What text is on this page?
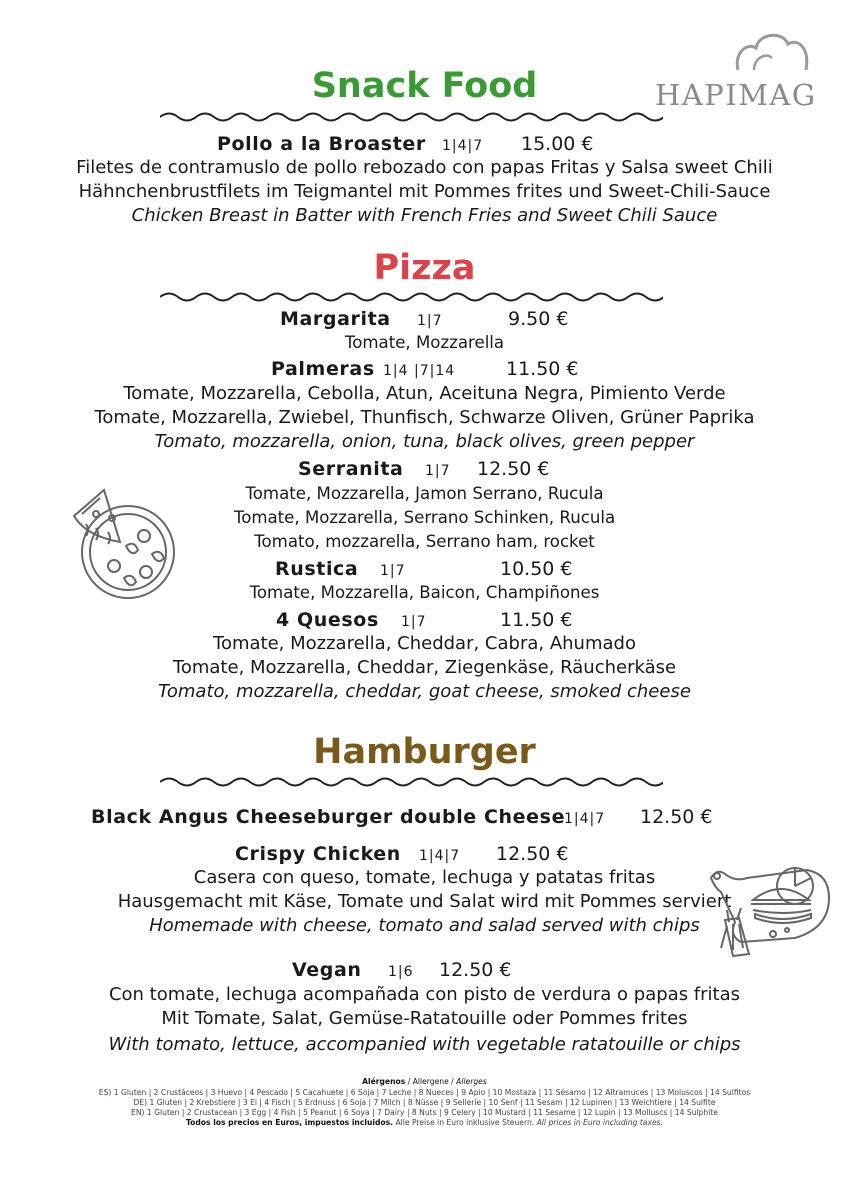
HAPIMAG
Snack Food
Pollo a la Broaster 1|4|7 15.00 €
Filetes de contramuslo de pollo rebozado con papas Fritas y Salsa sweet Chili
Hähnchenbrustfilets im Teigmantel mit Pommes frites und Sweet-Chili-Sauce
Chicken Breast in Batter with French Fries and Sweet Chili Sauce
Pizza
Margarita 1|7	9.50 €
Tomate, Mozzarella
Palmeras 1|4 |7|14	11.50 €
Tomate, Mozzarella, Cebolla, Atun, Aceituna Negra, Pimiento Verde
Tomate, Mozzarella, Zwiebel, Thunfisch, Schwarze Oliven, Grüner Paprika
Tomato, mozzarella, onion, tuna, black olives, green pepper
Serranita 1|7 12.50 €
Tomate, Mozzarella, Jamon Serrano, Rucula
Tomate, Mozzarella, Serrano Schinken, Rucula
Tomato, mozzarella, Serrano ham, rocket
Rustica 1|7	10.50 €
Tomate, Mozzarella, Baicon, Champiñones
4 Quesos 1|7	11.50 €
Tomate, Mozzarella, Cheddar, Cabra, Ahumado
Tomate, Mozzarella, Cheddar, Ziegenkäse, Räucherkäse
Tomato, mozzarella, cheddar, goat cheese, smoked cheese
Hamburger
Black Angus Cheeseburger double Cheese
1|4|7 12.50 €
Crispy Chicken 1|4|7 12.50 €
Casera con queso, tomate, lechuga y patatas fritas
Hausgemacht mit Käse, Tomate und Salat wird mit Pommes serviert
Homemade with cheese, tomato and salad served with chips
Vegan 1|6 12.50 €
Con tomate, lechuga acompañada con pisto de verdura o papas fritas
Mit Tomate, Salat, Gemüse-Ratatouille oder Pommes frites
With tomato, lettuce, accompanied with vegetable ratatouille or chips
Alérgenos / Allergene / Allerges
ES) 1 Gluten | 2 Crustáceos | 3 Huevo | 4 Pescado | 5 Cacahuete | 6 Soja | 7 Leche | 8 Nueces | 9 Apio | 10 Mostaza | 11 Sésamo | 12 Altramuces | 13 Moluscos | 14 Sulfitos
DE) 1 Gluten | 2 Krebstiere | 3 Ei | 4 Fisch | 5 Erdnuss | 6 Soja | 7 Milch | 8 Nüsse | 9 Sellerie | 10 Senf | 11 Sesam | 12 Lupinen | 13 Weichtiere | 14 Sulfite
EN) 1 Gluten | 2 Crustacean | 3 Egg | 4 Fish | 5 Peanut | 6 Soya | 7 Dairy | 8 Nuts | 9 Celery | 10 Mustard | 11 Sesame | 12 Lupin | 13 Molluscs | 14 Sulphite
Todos los precios en Euros, impuestos incluidos. Alle Preise in Euro inklusive Steuern. All prices in Euro including taxes.
